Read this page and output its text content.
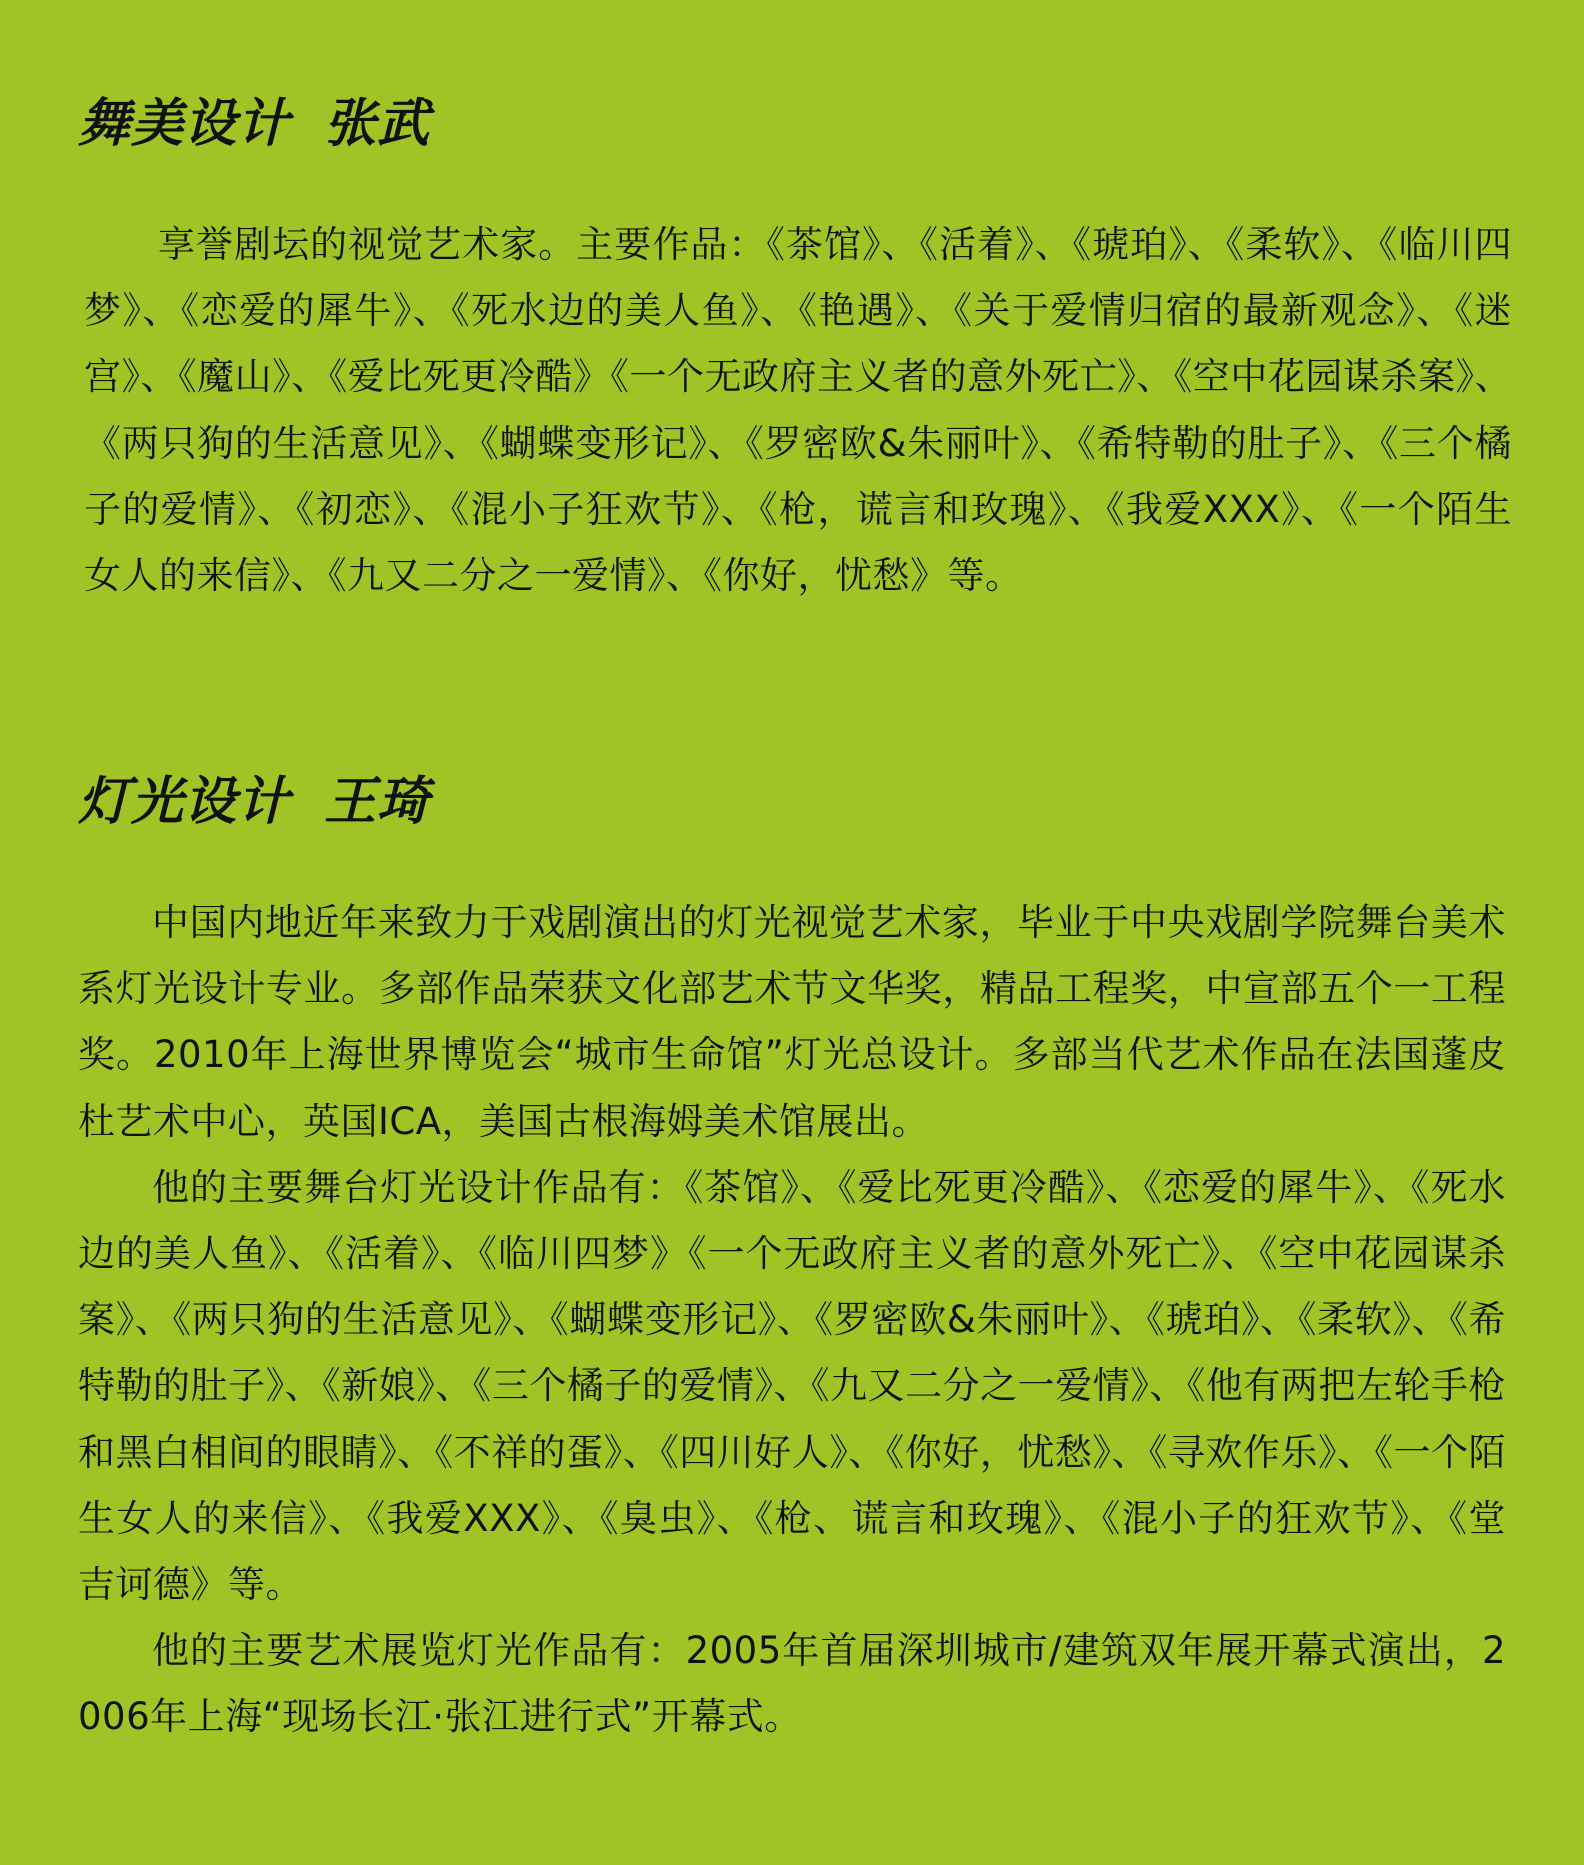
舞美设计 张武

享誉剧坛的视觉艺术家。主要作品：《茶馆》、《活着》、《琥珀》、《柔软》、《临川四梦》、《恋爱的犀牛》、《死水边的美人鱼》、《艳遇》、《关于爱情归宿的最新观念》、《迷宫》、《魔山》、《爱比死更冷酷》《一个无政府主义者的意外死亡》、《空中花园谋杀案》、《两只狗的生活意见》、《蝴蝶变形记》、《罗密欧&朱丽叶》、《希特勒的肚子》、《三个橘子的爱情》、《初恋》、《混小子狂欢节》、《枪，谎言和玫瑰》、《我爱XXX》、《一个陌生女人的来信》、《九又二分之一爱情》、《你好，忧愁》等。

灯光设计 王琦

中国内地近年来致力于戏剧演出的灯光视觉艺术家，毕业于中央戏剧学院舞台美术系灯光设计专业。多部作品荣获文化部艺术节文华奖，精品工程奖，中宣部五个一工程奖。2010年上海世界博览会“城市生命馆”灯光总设计。多部当代艺术作品在法国蓬皮杜艺术中心，英国ICA，美国古根海姆美术馆展出。

他的主要舞台灯光设计作品有：《茶馆》、《爱比死更冷酷》、《恋爱的犀牛》、《死水边的美人鱼》、《活着》、《临川四梦》《一个无政府主义者的意外死亡》、《空中花园谋杀案》、《两只狗的生活意见》、《蝴蝶变形记》、《罗密欧&朱丽叶》、《琥珀》、《柔软》、《希特勒的肚子》、《新娘》、《三个橘子的爱情》、《九又二分之一爱情》、《他有两把左轮手枪和黑白相间的眼睛》、《不祥的蛋》、《四川好人》、《你好，忧愁》、《寻欢作乐》、《一个陌生女人的来信》、《我爱XXX》、《臭虫》、《枪、谎言和玫瑰》、《混小子的狂欢节》、《堂吉诃德》等。

他的主要艺术展览灯光作品有：2005年首届深圳城市/建筑双年展开幕式演出，2006年上海“现场长江·张江进行式”开幕式。
